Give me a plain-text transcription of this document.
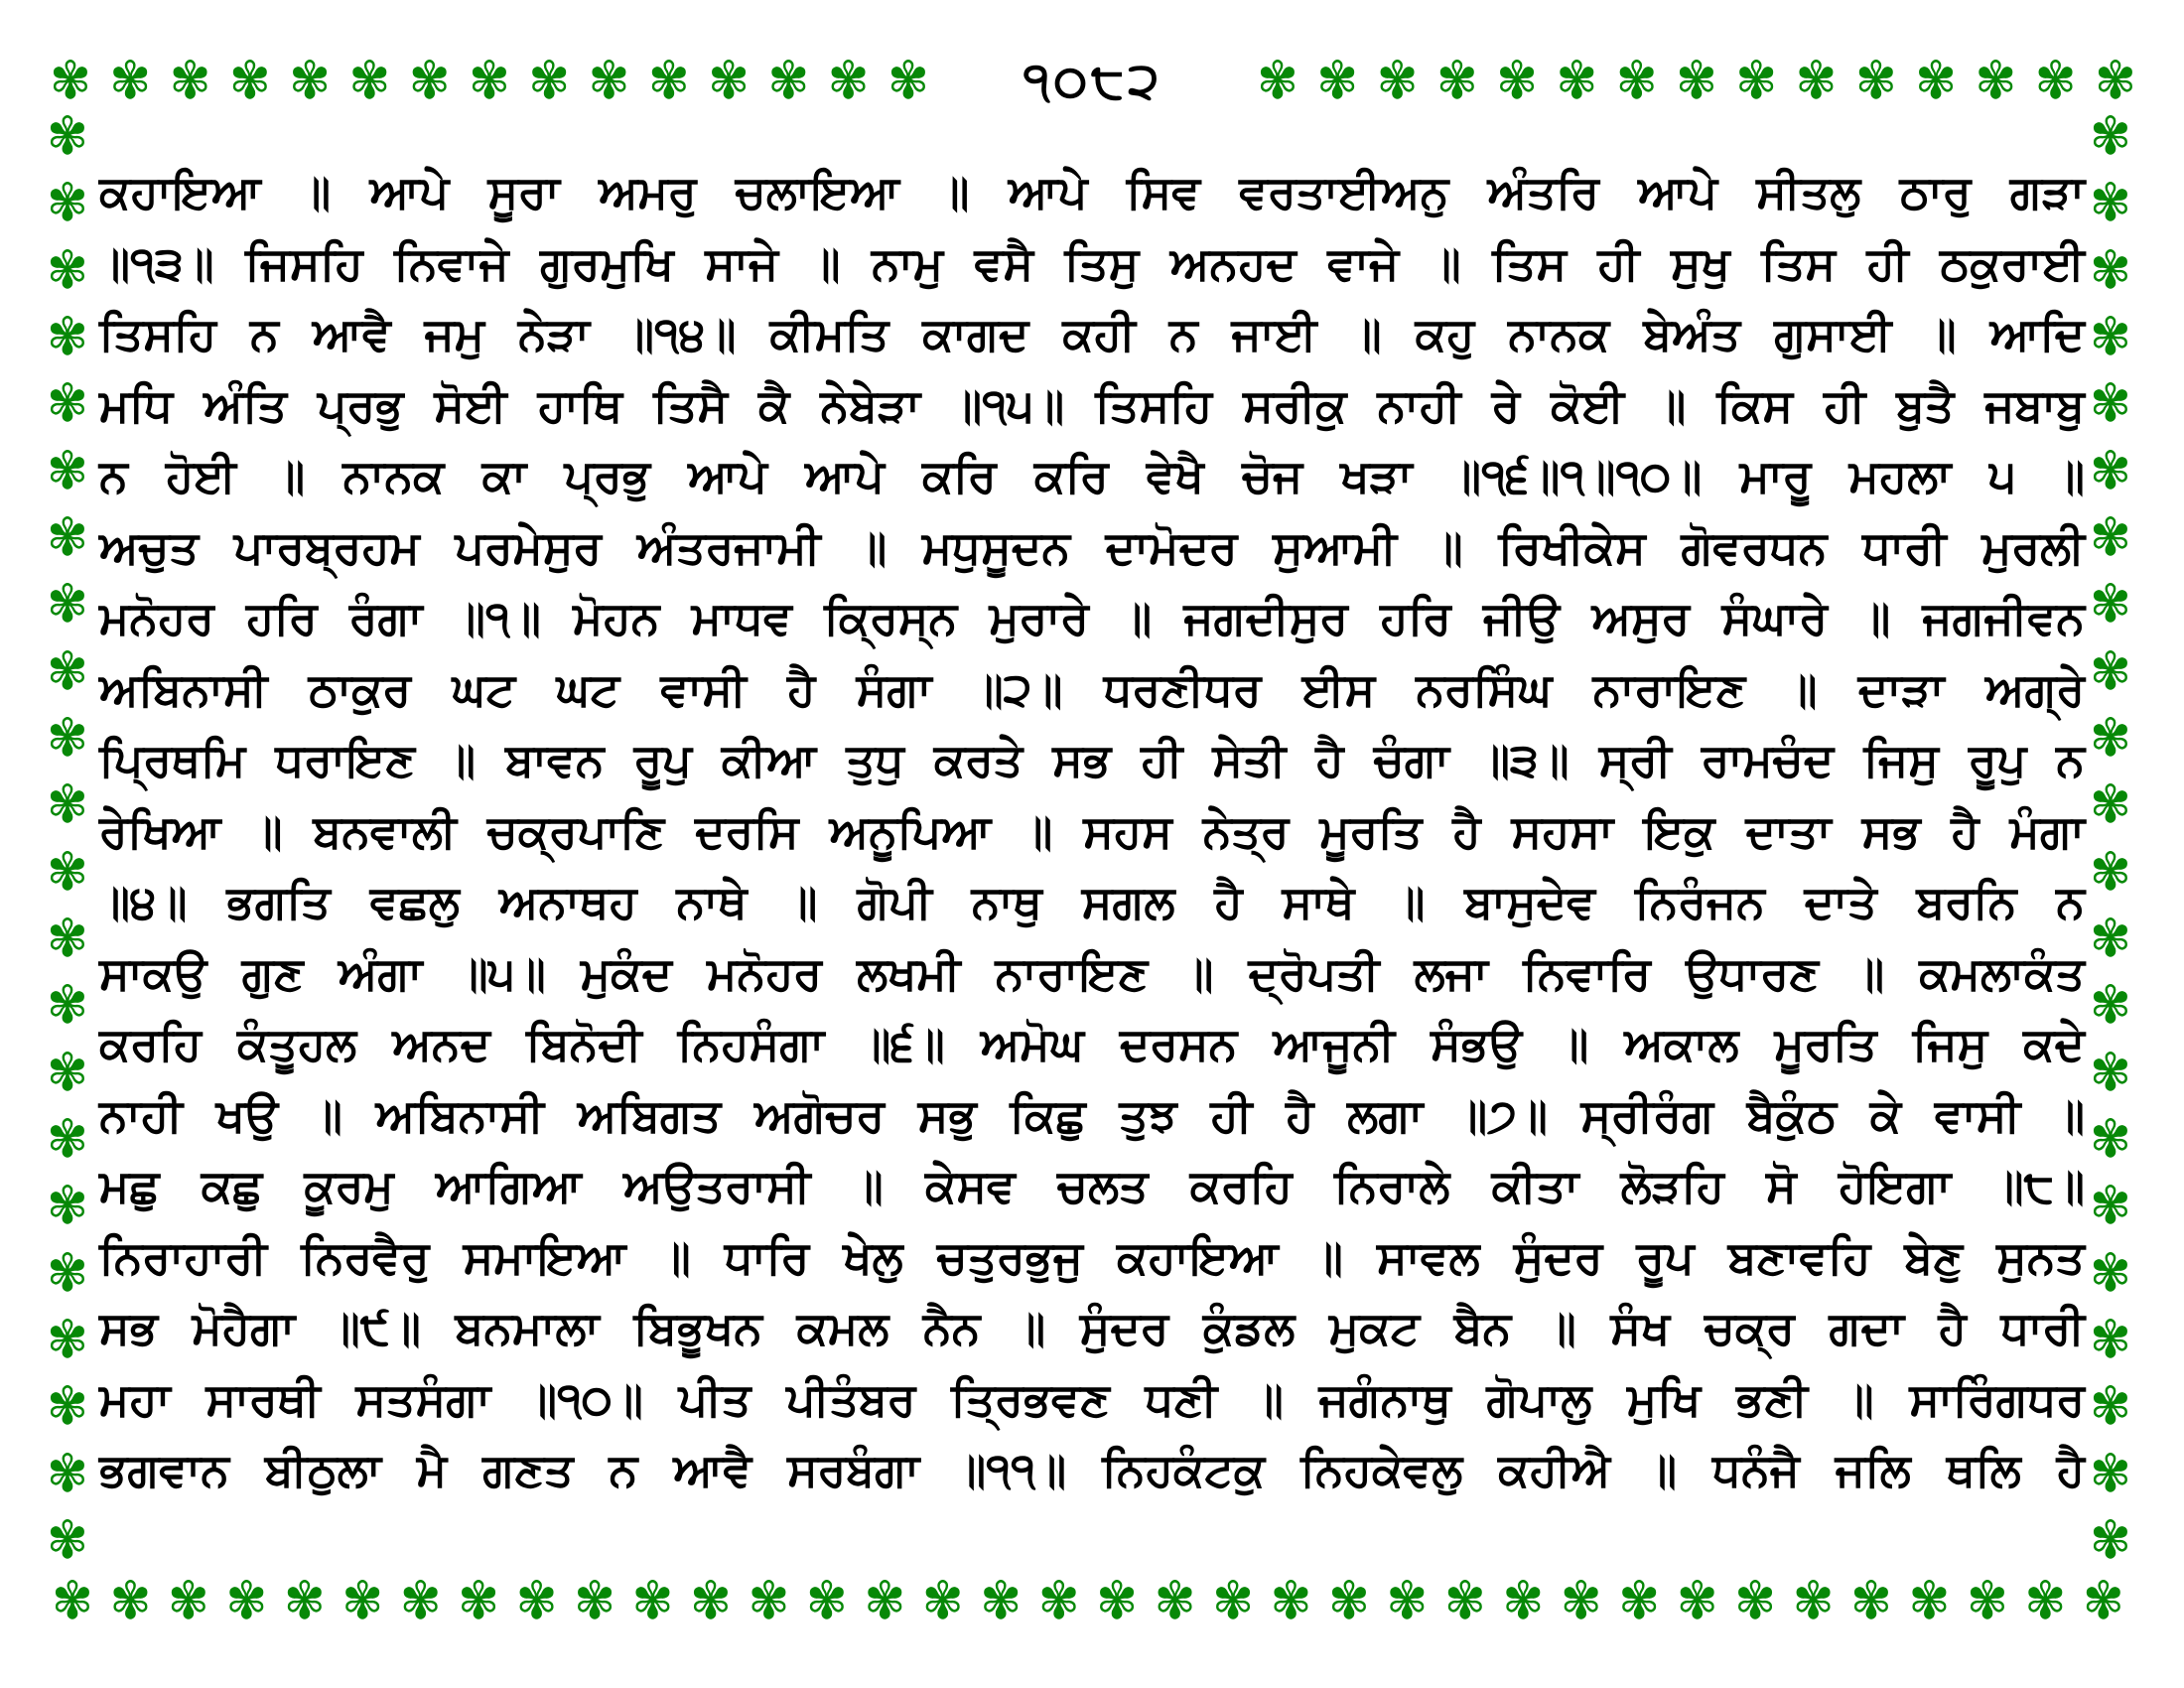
✾ ✾ ✾ ✾ ✾ ✾ ✾ ✾ ✾ ✾ ✾ ✾ ✾ ✾ ✾	੧੦੮੨	✾ ✾ ✾ ✾ ✾ ✾ ✾ ✾ ✾ ✾ ✾ ✾ ✾ ✾ ✾
✾
✾
✾
✾
✾
✾
✾
✾
✾
✾
✾
✾
✾
✾
✾
✾
✾
✾
✾
✾
✾
✾
✾
✾
✾
✾
✾
✾
✾
✾
✾
✾
✾
✾
✾
✾
✾
✾
✾
✾
✾
✾
✾
✾
✾ ✾ ✾ ✾ ✾ ✾ ✾ ✾ ✾ ✾ ✾ ✾ ✾ ✾ ✾ ✾ ✾ ✾ ✾ ✾ ✾ ✾ ✾ ✾ ✾ ✾ ✾ ✾ ✾ ✾ ✾ ✾ ✾ ✾ ✾ ✾
ਕਹਾਇਆ ॥ ਆਪੇ ਸੂਰਾ ਅਮਰੁ ਚਲਾਇਆ ॥ ਆਪੇ ਸਿਵ ਵਰਤਾਈਅਨੁ ਅੰਤਰਿ ਆਪੇ ਸੀਤਲੁ ਠਾਰੁ ਗੜਾ
॥੧੩॥ ਜਿਸਹਿ ਨਿਵਾਜੇ ਗੁਰਮੁਖਿ ਸਾਜੇ ॥ ਨਾਮੁ ਵਸੈ ਤਿਸੁ ਅਨਹਦ ਵਾਜੇ ॥ ਤਿਸ ਹੀ ਸੁਖੁ ਤਿਸ ਹੀ ਠਕੁਰਾਈ
ਤਿਸਹਿ ਨ ਆਵੈ ਜਮੁ ਨੇੜਾ ॥੧੪॥ ਕੀਮਤਿ ਕਾਗਦ ਕਹੀ ਨ ਜਾਈ ॥ ਕਹੁ ਨਾਨਕ ਬੇਅੰਤ ਗੁਸਾਈ ॥ ਆਦਿ
ਮਧਿ ਅੰਤਿ ਪ੍ਰਭੁ ਸੋਈ ਹਾਥਿ ਤਿਸੈ ਕੈ ਨੇਬੇੜਾ ॥੧੫॥ ਤਿਸਹਿ ਸਰੀਕੁ ਨਾਹੀ ਰੇ ਕੋਈ ॥ ਕਿਸ ਹੀ ਬੁਤੈ ਜਬਾਬੁ
ਨ ਹੋਈ ॥ ਨਾਨਕ ਕਾ ਪ੍ਰਭੁ ਆਪੇ ਆਪੇ ਕਰਿ ਕਰਿ ਵੇਖੈ ਚੋਜ ਖੜਾ ॥੧੬॥੧॥੧੦॥ ਮਾਰੂ ਮਹਲਾ ੫ ॥
ਅਚੁਤ ਪਾਰਬ੍ਰਹਮ ਪਰਮੇਸੁਰ ਅੰਤਰਜਾਮੀ ॥ ਮਧੁਸੂਦਨ ਦਾਮੋਦਰ ਸੁਆਮੀ ॥ ਰਿਖੀਕੇਸ ਗੋਵਰਧਨ ਧਾਰੀ ਮੁਰਲੀ
ਮਨੋਹਰ ਹਰਿ ਰੰਗਾ ॥੧॥ ਮੋਹਨ ਮਾਧਵ ਕ੍ਰਿਸ੍ਨ ਮੁਰਾਰੇ ॥ ਜਗਦੀਸੁਰ ਹਰਿ ਜੀਉ ਅਸੁਰ ਸੰਘਾਰੇ ॥ ਜਗਜੀਵਨ
ਅਬਿਨਾਸੀ ਠਾਕੁਰ ਘਟ ਘਟ ਵਾਸੀ ਹੈ ਸੰਗਾ ॥੨॥ ਧਰਣੀਧਰ ਈਸ ਨਰਸਿੰਘ ਨਾਰਾਇਣ ॥ ਦਾੜਾ ਅਗ੍ਰੇ
ਪ੍ਰਿਥਮਿ ਧਰਾਇਣ ॥ ਬਾਵਨ ਰੂਪੁ ਕੀਆ ਤੁਧੁ ਕਰਤੇ ਸਭ ਹੀ ਸੇਤੀ ਹੈ ਚੰਗਾ ॥੩॥ ਸ੍ਰੀ ਰਾਮਚੰਦ ਜਿਸੁ ਰੂਪੁ ਨ
ਰੇਖਿਆ ॥ ਬਨਵਾਲੀ ਚਕ੍ਰਪਾਣਿ ਦਰਸਿ ਅਨੂਪਿਆ ॥ ਸਹਸ ਨੇਤ੍ਰ ਮੂਰਤਿ ਹੈ ਸਹਸਾ ਇਕੁ ਦਾਤਾ ਸਭ ਹੈ ਮੰਗਾ
॥੪॥ ਭਗਤਿ ਵਛਲੁ ਅਨਾਥਹ ਨਾਥੇ ॥ ਗੋਪੀ ਨਾਥੁ ਸਗਲ ਹੈ ਸਾਥੇ ॥ ਬਾਸੁਦੇਵ ਨਿਰੰਜਨ ਦਾਤੇ ਬਰਨਿ ਨ
ਸਾਕਉ ਗੁਣ ਅੰਗਾ ॥੫॥ ਮੁਕੰਦ ਮਨੋਹਰ ਲਖਮੀ ਨਾਰਾਇਣ ॥ ਦ੍ਰੋਪਤੀ ਲਜਾ ਨਿਵਾਰਿ ਉਧਾਰਣ ॥ ਕਮਲਾਕੰਤ
ਕਰਹਿ ਕੰਤੂਹਲ ਅਨਦ ਬਿਨੋਦੀ ਨਿਹਸੰਗਾ ॥੬॥ ਅਮੋਘ ਦਰਸਨ ਆਜੂਨੀ ਸੰਭਉ ॥ ਅਕਾਲ ਮੂਰਤਿ ਜਿਸੁ ਕਦੇ
ਨਾਹੀ ਖਉ ॥ ਅਬਿਨਾਸੀ ਅਬਿਗਤ ਅਗੋਚਰ ਸਭੁ ਕਿਛੁ ਤੁਝ ਹੀ ਹੈ ਲਗਾ ॥੭॥ ਸ੍ਰੀਰੰਗ ਬੈਕੁੰਠ ਕੇ ਵਾਸੀ ॥
ਮਛੁ ਕਛੁ ਕੂਰਮੁ ਆਗਿਆ ਅਉਤਰਾਸੀ ॥ ਕੇਸਵ ਚਲਤ ਕਰਹਿ ਨਿਰਾਲੇ ਕੀਤਾ ਲੋੜਹਿ ਸੋ ਹੋਇਗਾ ॥੮॥
ਨਿਰਾਹਾਰੀ ਨਿਰਵੈਰੁ ਸਮਾਇਆ ॥ ਧਾਰਿ ਖੇਲੁ ਚਤੁਰਭੁਜੁ ਕਹਾਇਆ ॥ ਸਾਵਲ ਸੁੰਦਰ ਰੂਪ ਬਣਾਵਹਿ ਬੇਣੁ ਸੁਨਤ
ਸਭ ਮੋਹੈਗਾ ॥੯॥ ਬਨਮਾਲਾ ਬਿਭੂਖਨ ਕਮਲ ਨੈਨ ॥ ਸੁੰਦਰ ਕੁੰਡਲ ਮੁਕਟ ਬੈਨ ॥ ਸੰਖ ਚਕ੍ਰ ਗਦਾ ਹੈ ਧਾਰੀ
ਮਹਾ ਸਾਰਥੀ ਸਤਸੰਗਾ ॥੧੦॥ ਪੀਤ ਪੀਤੰਬਰ ਤ੍ਰਿਭਵਣ ਧਣੀ ॥ ਜਗੰਨਾਥੁ ਗੋਪਾਲੁ ਮੁਖਿ ਭਣੀ ॥ ਸਾਰਿੰਗਧਰ
ਭਗਵਾਨ ਬੀਠੁਲਾ ਮੈ ਗਣਤ ਨ ਆਵੈ ਸਰਬੰਗਾ ॥੧੧॥ ਨਿਹਕੰਟਕੁ ਨਿਹਕੇਵਲੁ ਕਹੀਐ ॥ ਧਨੰਜੈ ਜਲਿ ਥਲਿ ਹੈ
